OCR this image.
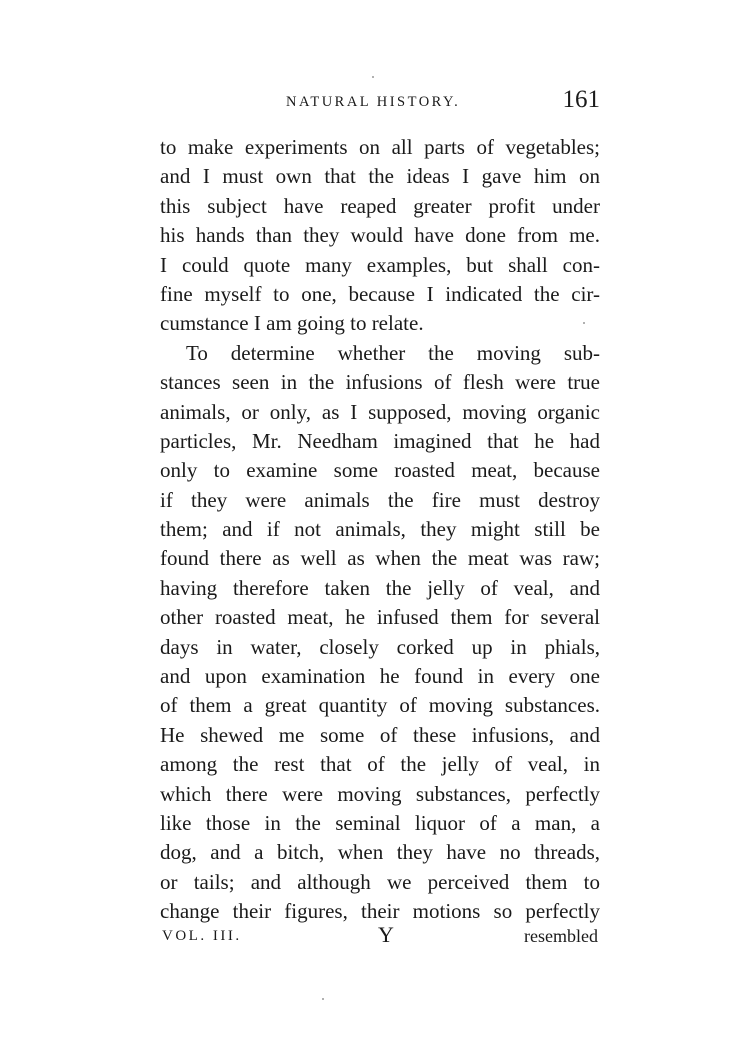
NATURAL HISTORY.	161
to make experiments on all parts of vegetables;
and I must own that the ideas I gave him on
this subject have reaped greater profit under
his hands than they would have done from me.
I could quote many examples, but shall con-
fine myself to one, because I indicated the cir-
cumstance I am going to relate.
To determine whether the moving sub-
stances seen in the infusions of flesh were true
animals, or only, as I supposed, moving organic
particles, Mr. Needham imagined that he had
only to examine some roasted meat, because
if they were animals the fire must destroy
them; and if not animals, they might still be
found there as well as when the meat was raw;
having therefore taken the jelly of veal, and
other roasted meat, he infused them for several
days in water, closely corked up in phials,
and upon examination he found in every one
of them a great quantity of moving substances.
He shewed me some of these infusions, and
among the rest that of the jelly of veal, in
which there were moving substances, perfectly
like those in the seminal liquor of a man, a
dog, and a bitch, when they have no threads,
or tails; and although we perceived them to
change their figures, their motions so perfectly
VOL. III.	Y	resembled
